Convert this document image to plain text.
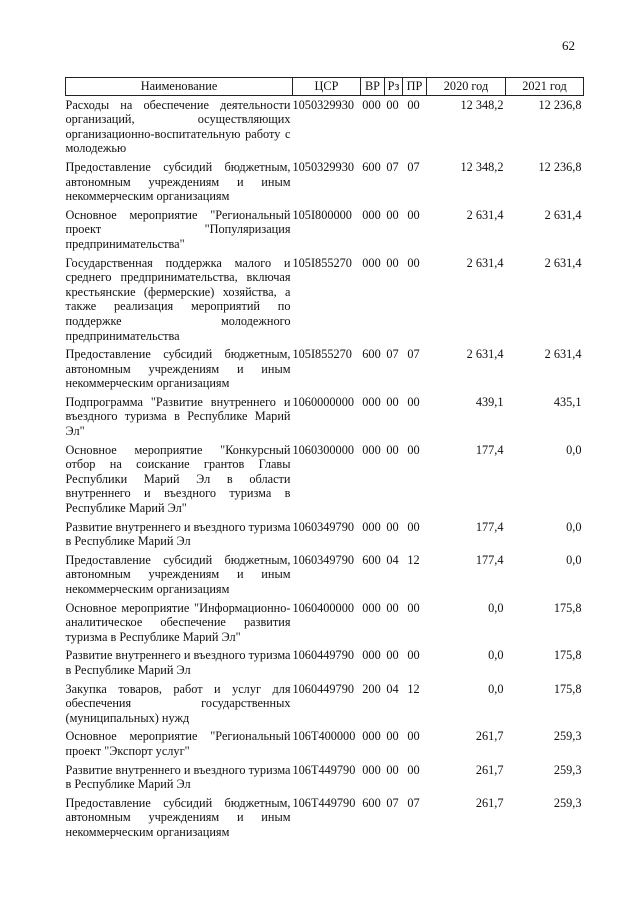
62
Наименование	ЦСР	ВР	Рз	ПР	2020 год	2021 год
Расходы на обеспечение деятельности организаций, осуществляющих организационно-воспитательную работу с молодежью	1050329930	000	00	00	12 348,2	12 236,8
Предоставление субсидий бюджетным, автономным учреждениям и иным некоммерческим организациям	1050329930	600	07	07	12 348,2	12 236,8
Основное мероприятие "Региональный проект "Популяризация предпринимательства"	105I800000	000	00	00	2 631,4	2 631,4
Государственная поддержка малого и среднего предпринимательства, включая крестьянские (фермерские) хозяйства, а также реализация мероприятий по поддержке молодежного предпринимательства	105I855270	000	00	00	2 631,4	2 631,4
Предоставление субсидий бюджетным, автономным учреждениям и иным некоммерческим организациям	105I855270	600	07	07	2 631,4	2 631,4
Подпрограмма "Развитие внутреннего и въездного туризма в Республике Марий Эл"	1060000000	000	00	00	439,1	435,1
Основное мероприятие "Конкурсный отбор на соискание грантов Главы Республики Марий Эл в области внутреннего и въездного туризма в Республике Марий Эл"	1060300000	000	00	00	177,4	0,0
Развитие внутреннего и въездного туризма в Республике Марий Эл	1060349790	000	00	00	177,4	0,0
Предоставление субсидий бюджетным, автономным учреждениям и иным некоммерческим организациям	1060349790	600	04	12	177,4	0,0
Основное мероприятие "Информационно-аналитическое обеспечение развития туризма в Республике Марий Эл"	1060400000	000	00	00	0,0	175,8
Развитие внутреннего и въездного туризма в Республике Марий Эл	1060449790	000	00	00	0,0	175,8
Закупка товаров, работ и услуг для обеспечения государственных (муниципальных) нужд	1060449790	200	04	12	0,0	175,8
Основное мероприятие "Региональный проект "Экспорт услуг"	106T400000	000	00	00	261,7	259,3
Развитие внутреннего и въездного туризма в Республике Марий Эл	106T449790	000	00	00	261,7	259,3
Предоставление субсидий бюджетным, автономным учреждениям и иным некоммерческим организациям	106T449790	600	07	07	261,7	259,3
